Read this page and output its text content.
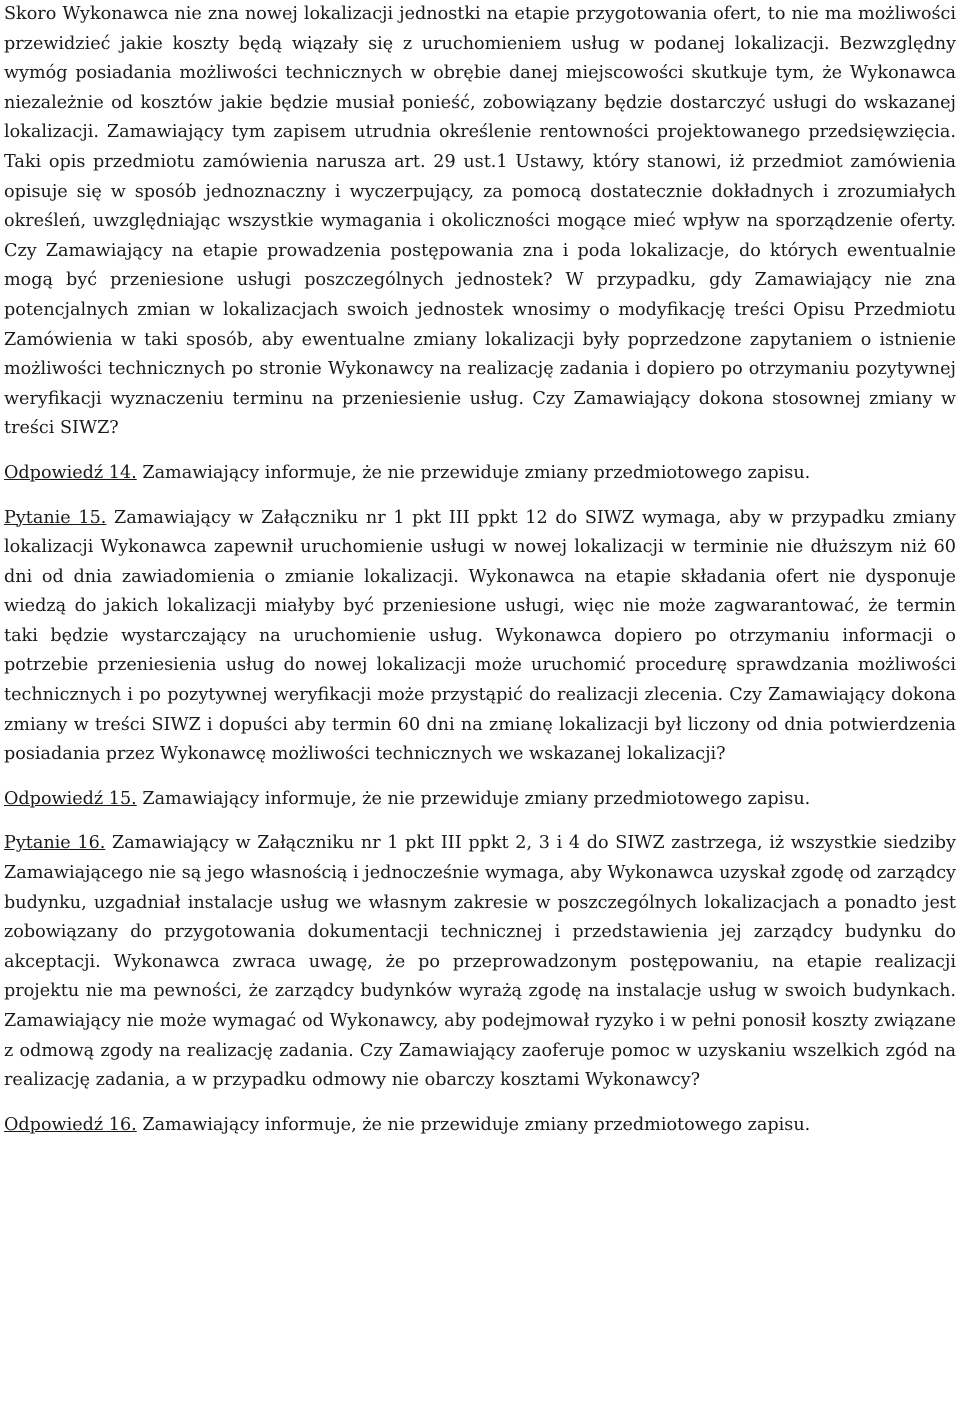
Skoro Wykonawca nie zna nowej lokalizacji jednostki na etapie przygotowania ofert, to nie ma możliwości przewidzieć jakie koszty będą wiązały się z uruchomieniem usług w podanej lokalizacji. Bezwzględny wymóg posiadania możliwości technicznych w obrębie danej miejscowości skutkuje tym, że Wykonawca niezależnie od kosztów jakie będzie musiał ponieść, zobowiązany będzie dostarczyć usługi do wskazanej lokalizacji. Zamawiający tym zapisem utrudnia określenie rentowności projektowanego przedsięwzięcia. Taki opis przedmiotu zamówienia narusza art. 29 ust.1 Ustawy, który stanowi, iż przedmiot zamówienia opisuje się w sposób jednoznaczny i wyczerpujący, za pomocą dostatecznie dokładnych i zrozumiałych określeń, uwzględniając wszystkie wymagania i okoliczności mogące mieć wpływ na sporządzenie oferty. Czy Zamawiający na etapie prowadzenia postępowania zna i poda lokalizacje, do których ewentualnie mogą być przeniesione usługi poszczególnych jednostek? W przypadku, gdy Zamawiający nie zna potencjalnych zmian w lokalizacjach swoich jednostek wnosimy o modyfikację treści Opisu Przedmiotu Zamówienia w taki sposób, aby ewentualne zmiany lokalizacji były poprzedzone zapytaniem o istnienie możliwości technicznych po stronie Wykonawcy na realizację zadania i dopiero po otrzymaniu pozytywnej weryfikacji wyznaczeniu terminu na przeniesienie usług. Czy Zamawiający dokona stosownej zmiany w treści SIWZ?

Odpowiedź 14. Zamawiający informuje, że nie przewiduje zmiany przedmiotowego zapisu.

Pytanie 15. Zamawiający w Załączniku nr 1 pkt III ppkt 12 do SIWZ wymaga, aby w przypadku zmiany lokalizacji Wykonawca zapewnił uruchomienie usługi w nowej lokalizacji w terminie nie dłuższym niż 60 dni od dnia zawiadomienia o zmianie lokalizacji. Wykonawca na etapie składania ofert nie dysponuje wiedzą do jakich lokalizacji miałyby być przeniesione usługi, więc nie może zagwarantować, że termin taki będzie wystarczający na uruchomienie usług. Wykonawca dopiero po otrzymaniu informacji o potrzebie przeniesienia usług do nowej lokalizacji może uruchomić procedurę sprawdzania możliwości technicznych i po pozytywnej weryfikacji może przystąpić do realizacji zlecenia. Czy Zamawiający dokona zmiany w treści SIWZ i dopuści aby termin 60 dni na zmianę lokalizacji był liczony od dnia potwierdzenia posiadania przez Wykonawcę możliwości technicznych we wskazanej lokalizacji?

Odpowiedź 15. Zamawiający informuje, że nie przewiduje zmiany przedmiotowego zapisu.

Pytanie 16. Zamawiający w Załączniku nr 1 pkt III ppkt 2, 3 i 4 do SIWZ zastrzega, iż wszystkie siedziby Zamawiającego nie są jego własnością i jednocześnie wymaga, aby Wykonawca uzyskał zgodę od zarządcy budynku, uzgadniał instalacje usług we własnym zakresie w poszczególnych lokalizacjach a ponadto jest zobowiązany do przygotowania dokumentacji technicznej i przedstawienia jej zarządcy budynku do akceptacji. Wykonawca zwraca uwagę, że po przeprowadzonym postępowaniu, na etapie realizacji projektu nie ma pewności, że zarządcy budynków wyrażą zgodę na instalacje usług w swoich budynkach. Zamawiający nie może wymagać od Wykonawcy, aby podejmował ryzyko i w pełni ponosił koszty związane z odmową zgody na realizację zadania. Czy Zamawiający zaoferuje pomoc w uzyskaniu wszelkich zgód na realizację zadania, a w przypadku odmowy nie obarczy kosztami Wykonawcy?

Odpowiedź 16. Zamawiający informuje, że nie przewiduje zmiany przedmiotowego zapisu.
